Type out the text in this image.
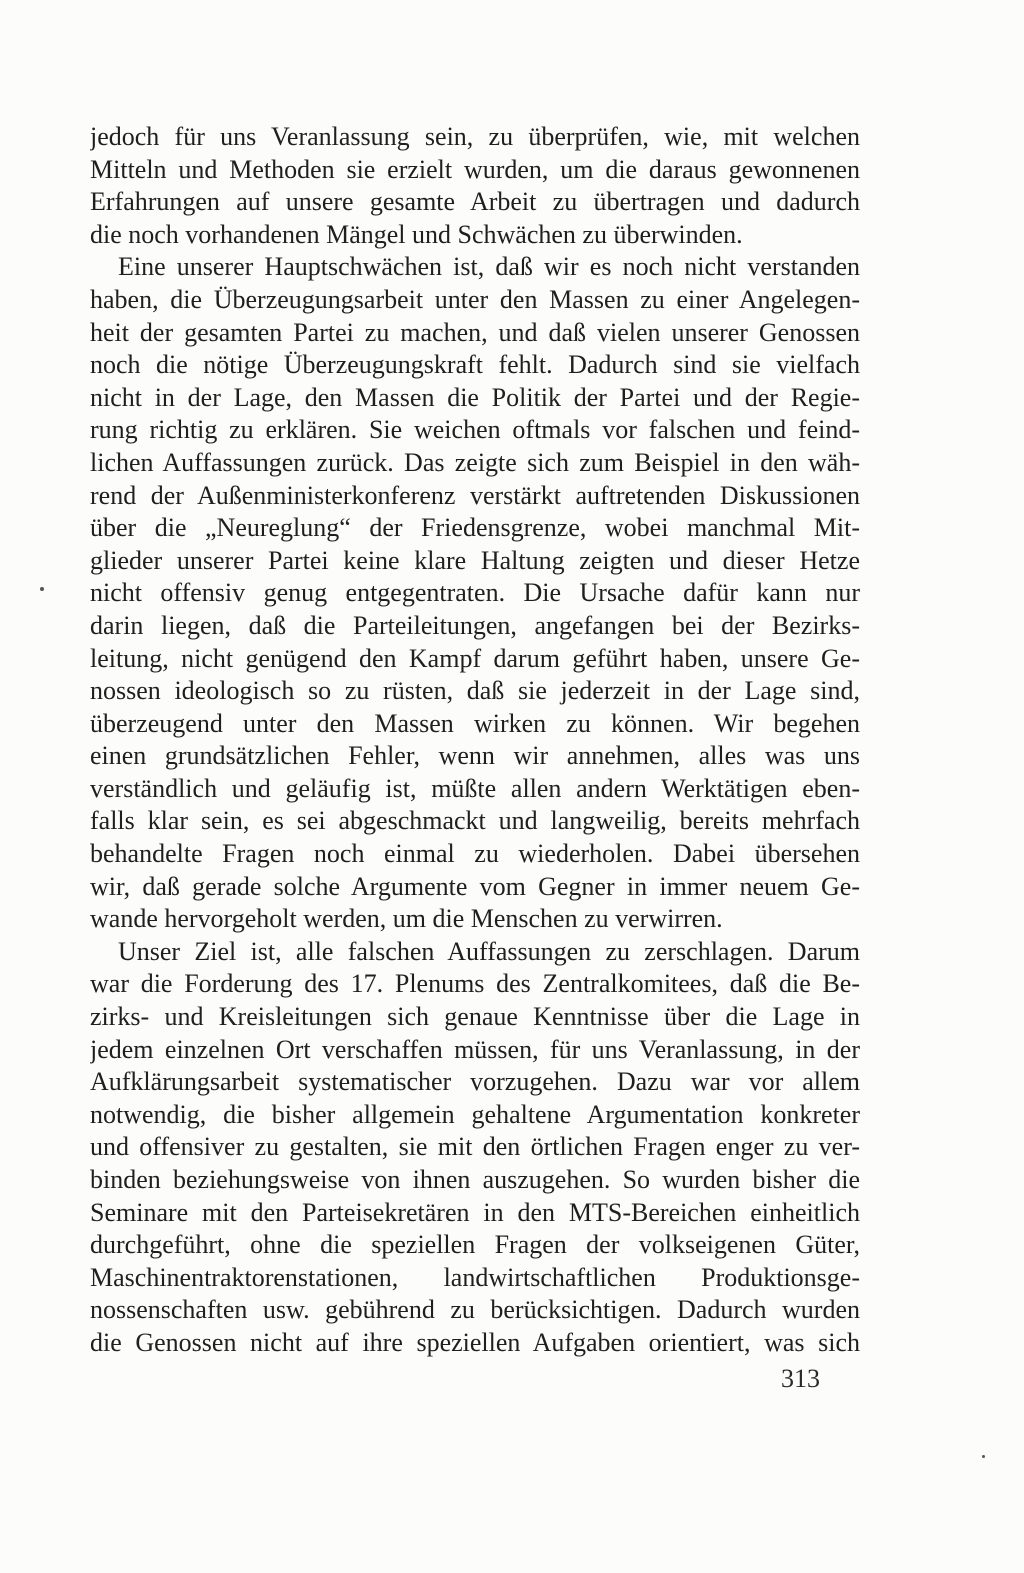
jedoch für uns Veranlassung sein, zu überprüfen, wie, mit welchen
Mitteln und Methoden sie erzielt wurden, um die daraus gewonnenen
Erfahrungen auf unsere gesamte Arbeit zu übertragen und dadurch
die noch vorhandenen Mängel und Schwächen zu überwinden.
Eine unserer Hauptschwächen ist, daß wir es noch nicht verstanden
haben, die Überzeugungsarbeit unter den Massen zu einer Angelegen-
heit der gesamten Partei zu machen, und daß vielen unserer Genossen
noch die nötige Überzeugungskraft fehlt. Dadurch sind sie vielfach
nicht in der Lage, den Massen die Politik der Partei und der Regie-
rung richtig zu erklären. Sie weichen oftmals vor falschen und feind-
lichen Auffassungen zurück. Das zeigte sich zum Beispiel in den wäh-
rend der Außenministerkonferenz verstärkt auftretenden Diskussionen
über die „Neureglung“ der Friedensgrenze, wobei manchmal Mit-
glieder unserer Partei keine klare Haltung zeigten und dieser Hetze
nicht offensiv genug entgegentraten. Die Ursache dafür kann nur
darin liegen, daß die Parteileitungen, angefangen bei der Bezirks-
leitung, nicht genügend den Kampf darum geführt haben, unsere Ge-
nossen ideologisch so zu rüsten, daß sie jederzeit in der Lage sind,
überzeugend unter den Massen wirken zu können. Wir begehen
einen grundsätzlichen Fehler, wenn wir annehmen, alles was uns
verständlich und geläufig ist, müßte allen andern Werktätigen eben-
falls klar sein, es sei abgeschmackt und langweilig, bereits mehrfach
behandelte Fragen noch einmal zu wiederholen. Dabei übersehen
wir, daß gerade solche Argumente vom Gegner in immer neuem Ge-
wande hervorgeholt werden, um die Menschen zu verwirren.
Unser Ziel ist, alle falschen Auffassungen zu zerschlagen. Darum
war die Forderung des 17. Plenums des Zentralkomitees, daß die Be-
zirks- und Kreisleitungen sich genaue Kenntnisse über die Lage in
jedem einzelnen Ort verschaffen müssen, für uns Veranlassung, in der
Aufklärungsarbeit systematischer vorzugehen. Dazu war vor allem
notwendig, die bisher allgemein gehaltene Argumentation konkreter
und offensiver zu gestalten, sie mit den örtlichen Fragen enger zu ver-
binden beziehungsweise von ihnen auszugehen. So wurden bisher die
Seminare mit den Parteisekretären in den MTS-Bereichen einheitlich
durchgeführt, ohne die speziellen Fragen der volkseigenen Güter,
Maschinentraktorenstationen, landwirtschaftlichen Produktionsge-
nossenschaften usw. gebührend zu berücksichtigen. Dadurch wurden
die Genossen nicht auf ihre speziellen Aufgaben orientiert, was sich
313
